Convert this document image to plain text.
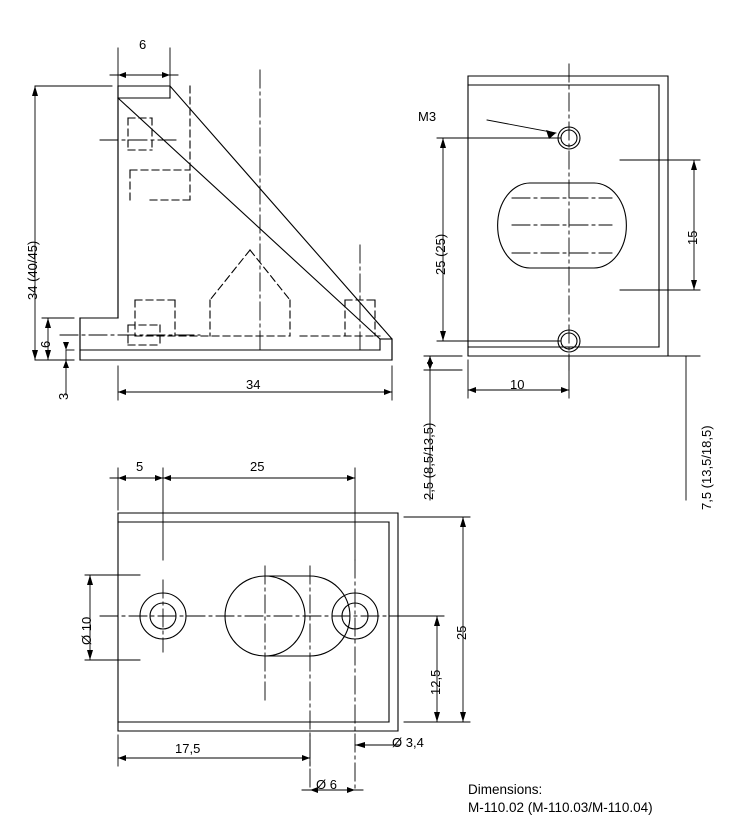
6
34 (40/45)
6
3
34
M3
25 (25)	15
10
2,5 (8,5/13,5)	7,5 (13,5/18,5)
5	25
Ø 10	25
12,5
17,5
Ø 6
Ø 3,4
Dimensions:
M-110.02 (M-110.03/M-110.04)
